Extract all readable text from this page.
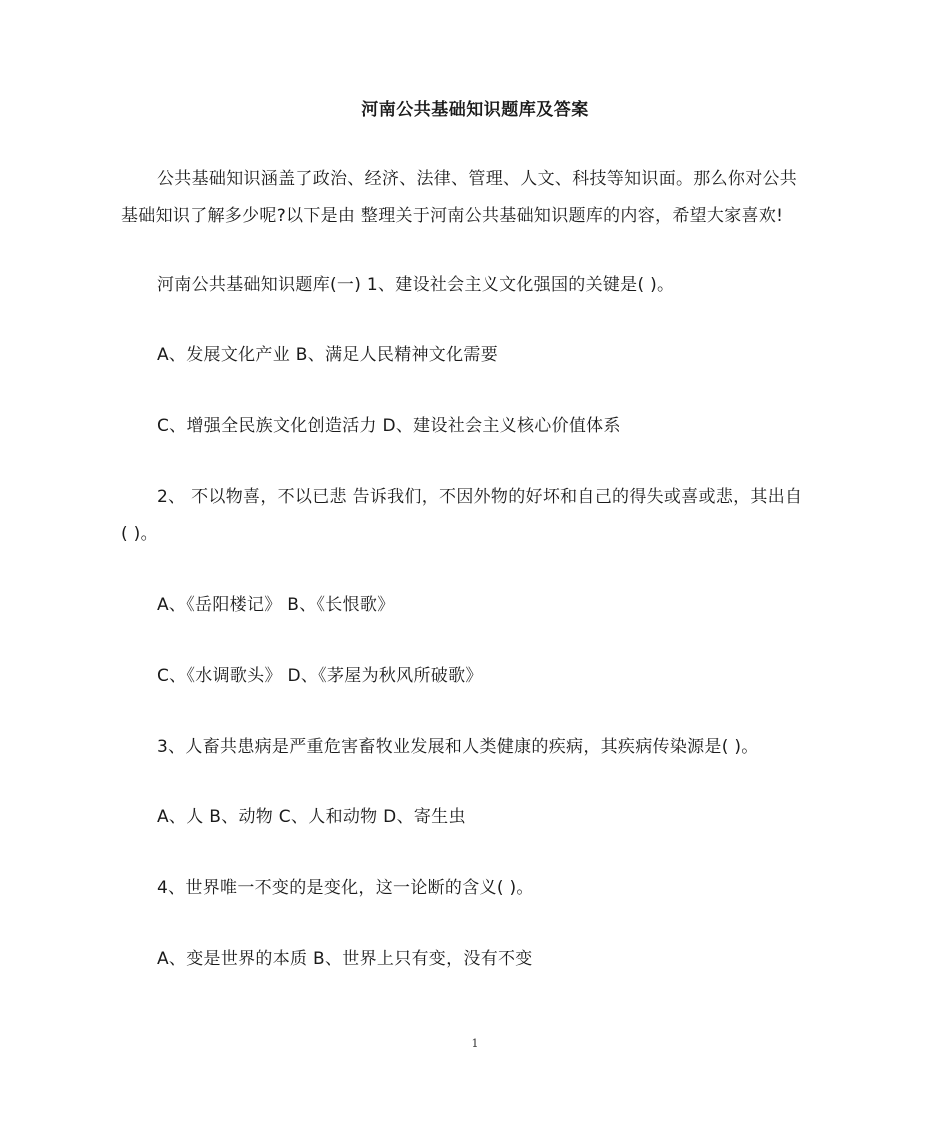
河南公共基础知识题库及答案
公共基础知识涵盖了政治、经济、法律、管理、人文、科技等知识面。那么你对公共
基础知识了解多少呢?以下是由 整理关于河南公共基础知识题库的内容，希望大家喜欢!
河南公共基础知识题库(一) 1、建设社会主义文化强国的关键是( )。
A、发展文化产业 B、满足人民精神文化需要
C、增强全民族文化创造活力 D、建设社会主义核心价值体系
2、 不以物喜，不以已悲 告诉我们，不因外物的好坏和自己的得失或喜或悲，其出自
( )。
A、《岳阳楼记》 B、《长恨歌》
C、《水调歌头》 D、《茅屋为秋风所破歌》
3、人畜共患病是严重危害畜牧业发展和人类健康的疾病，其疾病传染源是( )。
A、人 B、动物 C、人和动物 D、寄生虫
4、世界唯一不变的是变化，这一论断的含义( )。
A、变是世界的本质 B、世界上只有变，没有不变
1
